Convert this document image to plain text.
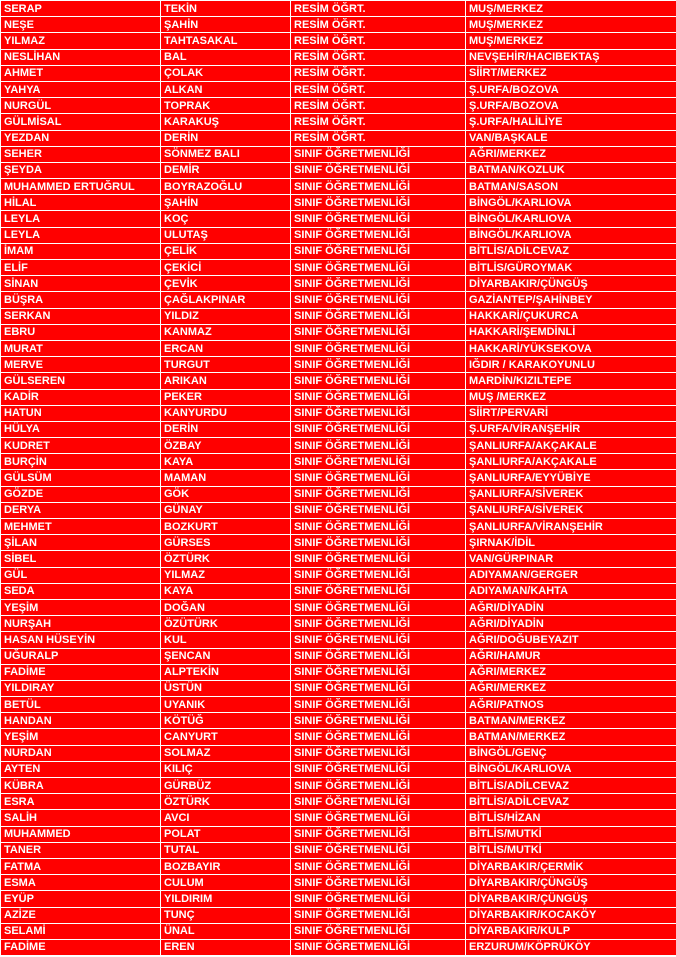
SERAP	TEKİN	RESİM ÖĞRT.	MUŞ/MERKEZ
NEŞE	ŞAHİN	RESİM ÖĞRT.	MUŞ/MERKEZ
YILMAZ	TAHTASAKAL	RESİM ÖĞRT.	MUŞ/MERKEZ
NESLİHAN	BAL	RESİM ÖĞRT.	NEVŞEHİR/HACIBEKTAŞ
AHMET	ÇOLAK	RESİM ÖĞRT.	SİİRT/MERKEZ
YAHYA	ALKAN	RESİM ÖĞRT.	Ş.URFA/BOZOVA
NURGÜL	TOPRAK	RESİM ÖĞRT.	Ş.URFA/BOZOVA
GÜLMİSAL	KARAKUŞ	RESİM ÖĞRT.	Ş.URFA/HALİLİYE
YEZDAN	DERİN	RESİM ÖĞRT.	VAN/BAŞKALE
SEHER	SÖNMEZ BALI	SINIF ÖĞRETMENLİĞİ	AĞRI/MERKEZ
ŞEYDA	DEMİR	SINIF ÖĞRETMENLİĞİ	BATMAN/KOZLUK
MUHAMMED ERTUĞRUL	BOYRAZOĞLU	SINIF ÖĞRETMENLİĞİ	BATMAN/SASON
HİLAL	ŞAHİN	SINIF ÖĞRETMENLİĞİ	BİNGÖL/KARLIOVA
LEYLA	KOÇ	SINIF ÖĞRETMENLİĞİ	BİNGÖL/KARLIOVA
LEYLA	ULUTAŞ	SINIF ÖĞRETMENLİĞİ	BİNGÖL/KARLIOVA
İMAM	ÇELİK	SINIF ÖĞRETMENLİĞİ	BİTLİS/ADİLCEVAZ
ELİF	ÇEKİCİ	SINIF ÖĞRETMENLİĞİ	BİTLİS/GÜROYMAK
SİNAN	ÇEVİK	SINIF ÖĞRETMENLİĞİ	DİYARBAKIR/ÇÜNGÜŞ
BÜŞRA	ÇAĞLAKPINAR	SINIF ÖĞRETMENLİĞİ	GAZİANTEP/ŞAHİNBEY
SERKAN	YILDIZ	SINIF ÖĞRETMENLİĞİ	HAKKARİ/ÇUKURCA
EBRU	KANMAZ	SINIF ÖĞRETMENLİĞİ	HAKKARİ/ŞEMDİNLİ
MURAT	ERCAN	SINIF ÖĞRETMENLİĞİ	HAKKARİ/YÜKSEKOVA
MERVE	TURGUT	SINIF ÖĞRETMENLİĞİ	IĞDIR / KARAKOYUNLU
GÜLSEREN	ARIKAN	SINIF ÖĞRETMENLİĞİ	MARDİN/KIZILTEPE
KADİR	PEKER	SINIF ÖĞRETMENLİĞİ	MUŞ /MERKEZ
HATUN	KANYURDU	SINIF ÖĞRETMENLİĞİ	SİİRT/PERVARİ
HÜLYA	DERİN	SINIF ÖĞRETMENLİĞİ	Ş.URFA/VİRANŞEHİR
KUDRET	ÖZBAY	SINIF ÖĞRETMENLİĞİ	ŞANLIURFA/AKÇAKALE
BURÇİN	KAYA	SINIF ÖĞRETMENLİĞİ	ŞANLIURFA/AKÇAKALE
GÜLSÜM	MAMAN	SINIF ÖĞRETMENLİĞİ	ŞANLIURFA/EYYÜBİYE
GÖZDE	GÖK	SINIF ÖĞRETMENLİĞİ	ŞANLIURFA/SİVEREK
DERYA	GÜNAY	SINIF ÖĞRETMENLİĞİ	ŞANLIURFA/SİVEREK
MEHMET	BOZKURT	SINIF ÖĞRETMENLİĞİ	ŞANLIURFA/VİRANŞEHİR
ŞİLAN	GÜRSES	SINIF ÖĞRETMENLİĞİ	ŞIRNAK/İDİL
SİBEL	ÖZTÜRK	SINIF ÖĞRETMENLİĞİ	VAN/GÜRPINAR
GÜL	YILMAZ	SINIF ÖĞRETMENLİĞİ	ADIYAMAN/GERGER
SEDA	KAYA	SINIF ÖĞRETMENLİĞİ	ADIYAMAN/KAHTA
YEŞİM	DOĞAN	SINIF ÖĞRETMENLİĞİ	AĞRI/DİYADİN
NURŞAH	ÖZÜTÜRK	SINIF ÖĞRETMENLİĞİ	AĞRI/DİYADİN
HASAN HÜSEYİN	KUL	SINIF ÖĞRETMENLİĞİ	AĞRI/DOĞUBEYAZIT
UĞURALP	ŞENCAN	SINIF ÖĞRETMENLİĞİ	AĞRI/HAMUR
FADİME	ALPTEKİN	SINIF ÖĞRETMENLİĞİ	AĞRI/MERKEZ
YILDIRAY	ÜSTÜN	SINIF ÖĞRETMENLİĞİ	AĞRI/MERKEZ
BETÜL	UYANIK	SINIF ÖĞRETMENLİĞİ	AĞRI/PATNOS
HANDAN	KÖTÜĞ	SINIF ÖĞRETMENLİĞİ	BATMAN/MERKEZ
YEŞİM	CANYURT	SINIF ÖĞRETMENLİĞİ	BATMAN/MERKEZ
NURDAN	SOLMAZ	SINIF ÖĞRETMENLİĞİ	BİNGÖL/GENÇ
AYTEN	KILIÇ	SINIF ÖĞRETMENLİĞİ	BİNGÖL/KARLIOVA
KÜBRA	GÜRBÜZ	SINIF ÖĞRETMENLİĞİ	BİTLİS/ADİLCEVAZ
ESRA	ÖZTÜRK	SINIF ÖĞRETMENLİĞİ	BİTLİS/ADİLCEVAZ
SALİH	AVCI	SINIF ÖĞRETMENLİĞİ	BİTLİS/HİZAN
MUHAMMED	POLAT	SINIF ÖĞRETMENLİĞİ	BİTLİS/MUTKİ
TANER	TUTAL	SINIF ÖĞRETMENLİĞİ	BİTLİS/MUTKİ
FATMA	BOZBAYIR	SINIF ÖĞRETMENLİĞİ	DİYARBAKIR/ÇERMİK
ESMA	CULUM	SINIF ÖĞRETMENLİĞİ	DİYARBAKIR/ÇÜNGÜŞ
EYÜP	YILDIRIM	SINIF ÖĞRETMENLİĞİ	DİYARBAKIR/ÇÜNGÜŞ
AZİZE	TUNÇ	SINIF ÖĞRETMENLİĞİ	DİYARBAKIR/KOCAKÖY
SELAMİ	ÜNAL	SINIF ÖĞRETMENLİĞİ	DİYARBAKIR/KULP
FADİME	EREN	SINIF ÖĞRETMENLİĞİ	ERZURUM/KÖPRÜKÖY
